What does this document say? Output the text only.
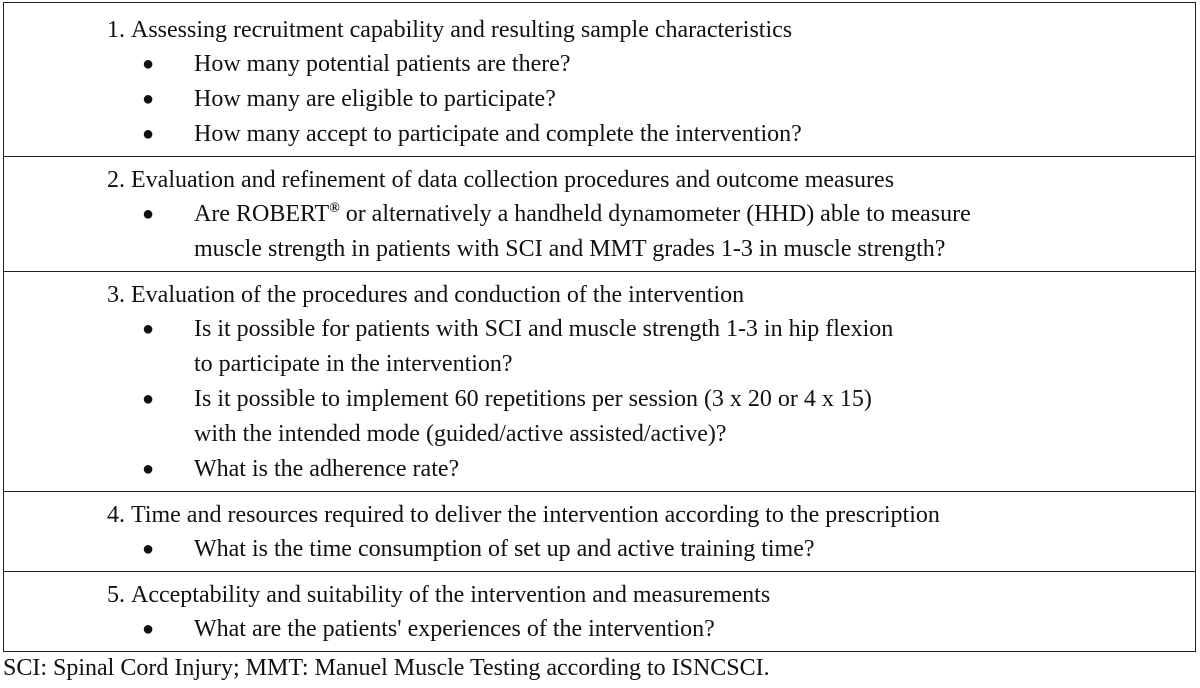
1. Assessing recruitment capability and resulting sample characteristics
●	How many potential patients are there?
●	How many are eligible to participate?
●	How many accept to participate and complete the intervention?
2. Evaluation and refinement of data collection procedures and outcome measures
●	Are ROBERT® or alternatively a handheld dynamometer (HHD) able to measure
muscle strength in patients with SCI and MMT grades 1-3 in muscle strength?
3. Evaluation of the procedures and conduction of the intervention
●	Is it possible for patients with SCI and muscle strength 1-3 in hip flexion
to participate in the intervention?
●	Is it possible to implement 60 repetitions per session (3 x 20 or 4 x 15)
with the intended mode (guided/active assisted/active)?
●	What is the adherence rate?
4. Time and resources required to deliver the intervention according to the prescription
●	What is the time consumption of set up and active training time?
5. Acceptability and suitability of the intervention and measurements
●	What are the patients' experiences of the intervention?
SCI: Spinal Cord Injury; MMT: Manuel Muscle Testing according to ISNCSCI.
